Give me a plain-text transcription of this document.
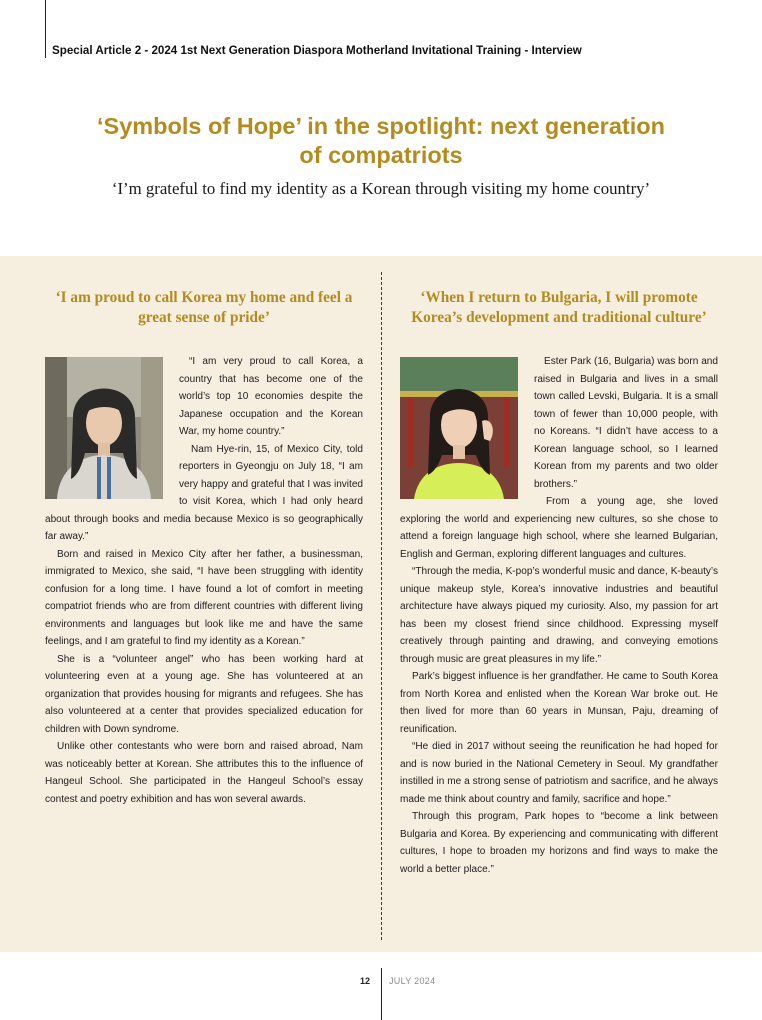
Special Article 2 - 2024 1st Next Generation Diaspora Motherland Invitational Training - Interview
‘Symbols of Hope’ in the spotlight: next generation
of compatriots
‘I’m grateful to find my identity as a Korean through visiting my home country’
‘I am proud to call Korea my home and feel a
great sense of pride’

“I am very proud to call Korea, a country that has become one of the world’s top 10 economies despite the Japanese occupation and the Korean War, my home country.”

Nam Hye-rin, 15, of Mexico City, told reporters in Gyeongju on July 18, “I am very happy and grateful that I was invited to visit Korea, which I had only heard about through books and media because Mexico is so geographically far away.”

Born and raised in Mexico City after her father, a businessman, immigrated to Mexico, she said, “I have been struggling with identity confusion for a long time. I have found a lot of comfort in meeting compatriot friends who are from different countries with different living environments and languages but look like me and have the same feelings, and I am grateful to find my identity as a Korean.”

She is a “volunteer angel” who has been working hard at volunteering even at a young age. She has volunteered at an organization that provides housing for migrants and refugees. She has also volunteered at a center that provides specialized education for children with Down syndrome.

Unlike other contestants who were born and raised abroad, Nam was noticeably better at Korean. She attributes this to the influence of Hangeul School. She participated in the Hangeul School’s essay contest and poetry exhibition and has won several awards.

‘When I return to Bulgaria, I will promote
Korea’s development and traditional culture’

Ester Park (16, Bulgaria) was born and raised in Bulgaria and lives in a small town called Levski, Bulgaria. It is a small town of fewer than 10,000 people, with no Koreans. “I didn’t have access to a Korean language school, so I learned Korean from my parents and two older brothers.”

From a young age, she loved exploring the world and experiencing new cultures, so she chose to attend a foreign language high school, where she learned Bulgarian, English and German, exploring different languages and cultures.

“Through the media, K-pop’s wonderful music and dance, K-beauty’s unique makeup style, Korea’s innovative industries and beautiful architecture have always piqued my curiosity. Also, my passion for art has been my closest friend since childhood. Expressing myself creatively through painting and drawing, and conveying emotions through music are great pleasures in my life.”

Park’s biggest influence is her grandfather. He came to South Korea from North Korea and enlisted when the Korean War broke out. He then lived for more than 60 years in Munsan, Paju, dreaming of reunification.

“He died in 2017 without seeing the reunification he had hoped for and is now buried in the National Cemetery in Seoul. My grandfather instilled in me a strong sense of patriotism and sacrifice, and he always made me think about country and family, sacrifice and hope.”

Through this program, Park hopes to “become a link between Bulgaria and Korea. By experiencing and communicating with different cultures, I hope to broaden my horizons and find ways to make the world a better place.”

12 JULY 2024
